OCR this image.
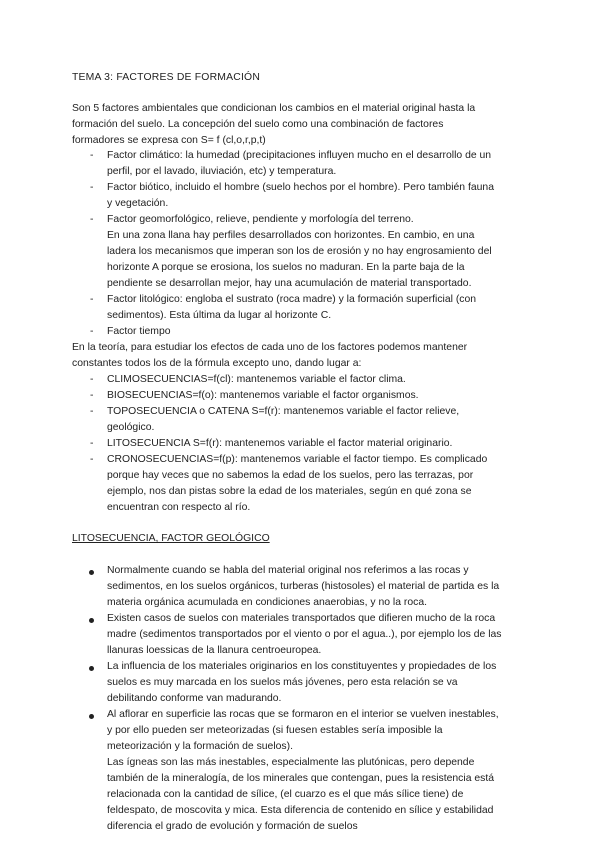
TEMA 3: FACTORES DE FORMACIÓN
Son 5 factores ambientales que condicionan los cambios en el material original hasta la
formación del suelo. La concepción del suelo como una combinación de factores
formadores se expresa con S= f (cl,o,r,p,t)
- Factor climático: la humedad (precipitaciones influyen mucho en el desarrollo de un
perfil, por el lavado, iluviación, etc) y temperatura.
- Factor biótico, incluido el hombre (suelo hechos por el hombre). Pero también fauna
y vegetación.
- Factor geomorfológico, relieve, pendiente y morfología del terreno.
En una zona llana hay perfiles desarrollados con horizontes. En cambio, en una
ladera los mecanismos que imperan son los de erosión y no hay engrosamiento del
horizonte A porque se erosiona, los suelos no maduran. En la parte baja de la
pendiente se desarrollan mejor, hay una acumulación de material transportado.
- Factor litológico: engloba el sustrato (roca madre) y la formación superficial (con
sedimentos). Esta última da lugar al horizonte C.
- Factor tiempo
En la teoría, para estudiar los efectos de cada uno de los factores podemos mantener
constantes todos los de la fórmula excepto uno, dando lugar a:
- CLIMOSECUENCIAS=f(cl): mantenemos variable el factor clima.
- BIOSECUENCIAS=f(o): mantenemos variable el factor organismos.
- TOPOSECUENCIA o CATENA S=f(r): mantenemos variable el factor relieve,
geológico.
- LITOSECUENCIA S=f(r): mantenemos variable el factor material originario.
- CRONOSECUENCIAS=f(p): mantenemos variable el factor tiempo. Es complicado
porque hay veces que no sabemos la edad de los suelos, pero las terrazas, por
ejemplo, nos dan pistas sobre la edad de los materiales, según en qué zona se
encuentran con respecto al río.
LITOSECUENCIA, FACTOR GEOLÓGICO
Normalmente cuando se habla del material original nos referimos a las rocas y
sedimentos, en los suelos orgánicos, turberas (histosoles) el material de partida es la
materia orgánica acumulada en condiciones anaerobias, y no la roca.
Existen casos de suelos con materiales transportados que difieren mucho de la roca
madre (sedimentos transportados por el viento o por el agua..), por ejemplo los de las
llanuras loessicas de la llanura centroeuropea.
La influencia de los materiales originarios en los constituyentes y propiedades de los
suelos es muy marcada en los suelos más jóvenes, pero esta relación se va
debilitando conforme van madurando.
Al aflorar en superficie las rocas que se formaron en el interior se vuelven inestables,
y por ello pueden ser meteorizadas (si fuesen estables sería imposible la
meteorización y la formación de suelos).
Las ígneas son las más inestables, especialmente las plutónicas, pero depende
también de la mineralogía, de los minerales que contengan, pues la resistencia está
relacionada con la cantidad de sílice, (el cuarzo es el que más sílice tiene) de
feldespato, de moscovita y mica. Esta diferencia de contenido en sílice y estabilidad
diferencia el grado de evolución y formación de suelos
